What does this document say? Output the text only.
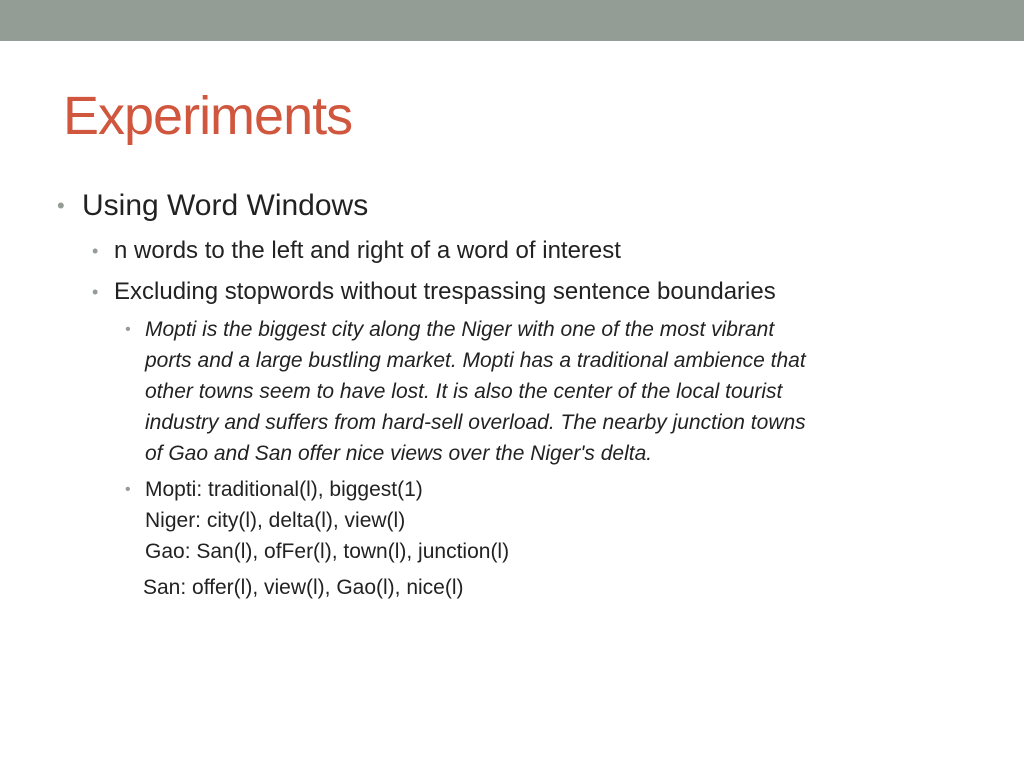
Experiments
• Using Word Windows
• n words to the left and right of a word of interest
• Excluding stopwords without trespassing sentence boundaries
• Mopti is the biggest city along the Niger with one of the most vibrant
ports and a large bustling market. Mopti has a traditional ambience that
other towns seem to have lost. It is also the center of the local tourist
industry and suffers from hard-sell overload. The nearby junction towns
of Gao and San offer nice views over the Niger's delta.
• Mopti: traditional(l), biggest(1)
Niger: city(l), delta(l), view(l)
Gao: San(l), ofFer(l), town(l), junction(l)
San: offer(l), view(l), Gao(l), nice(l)
